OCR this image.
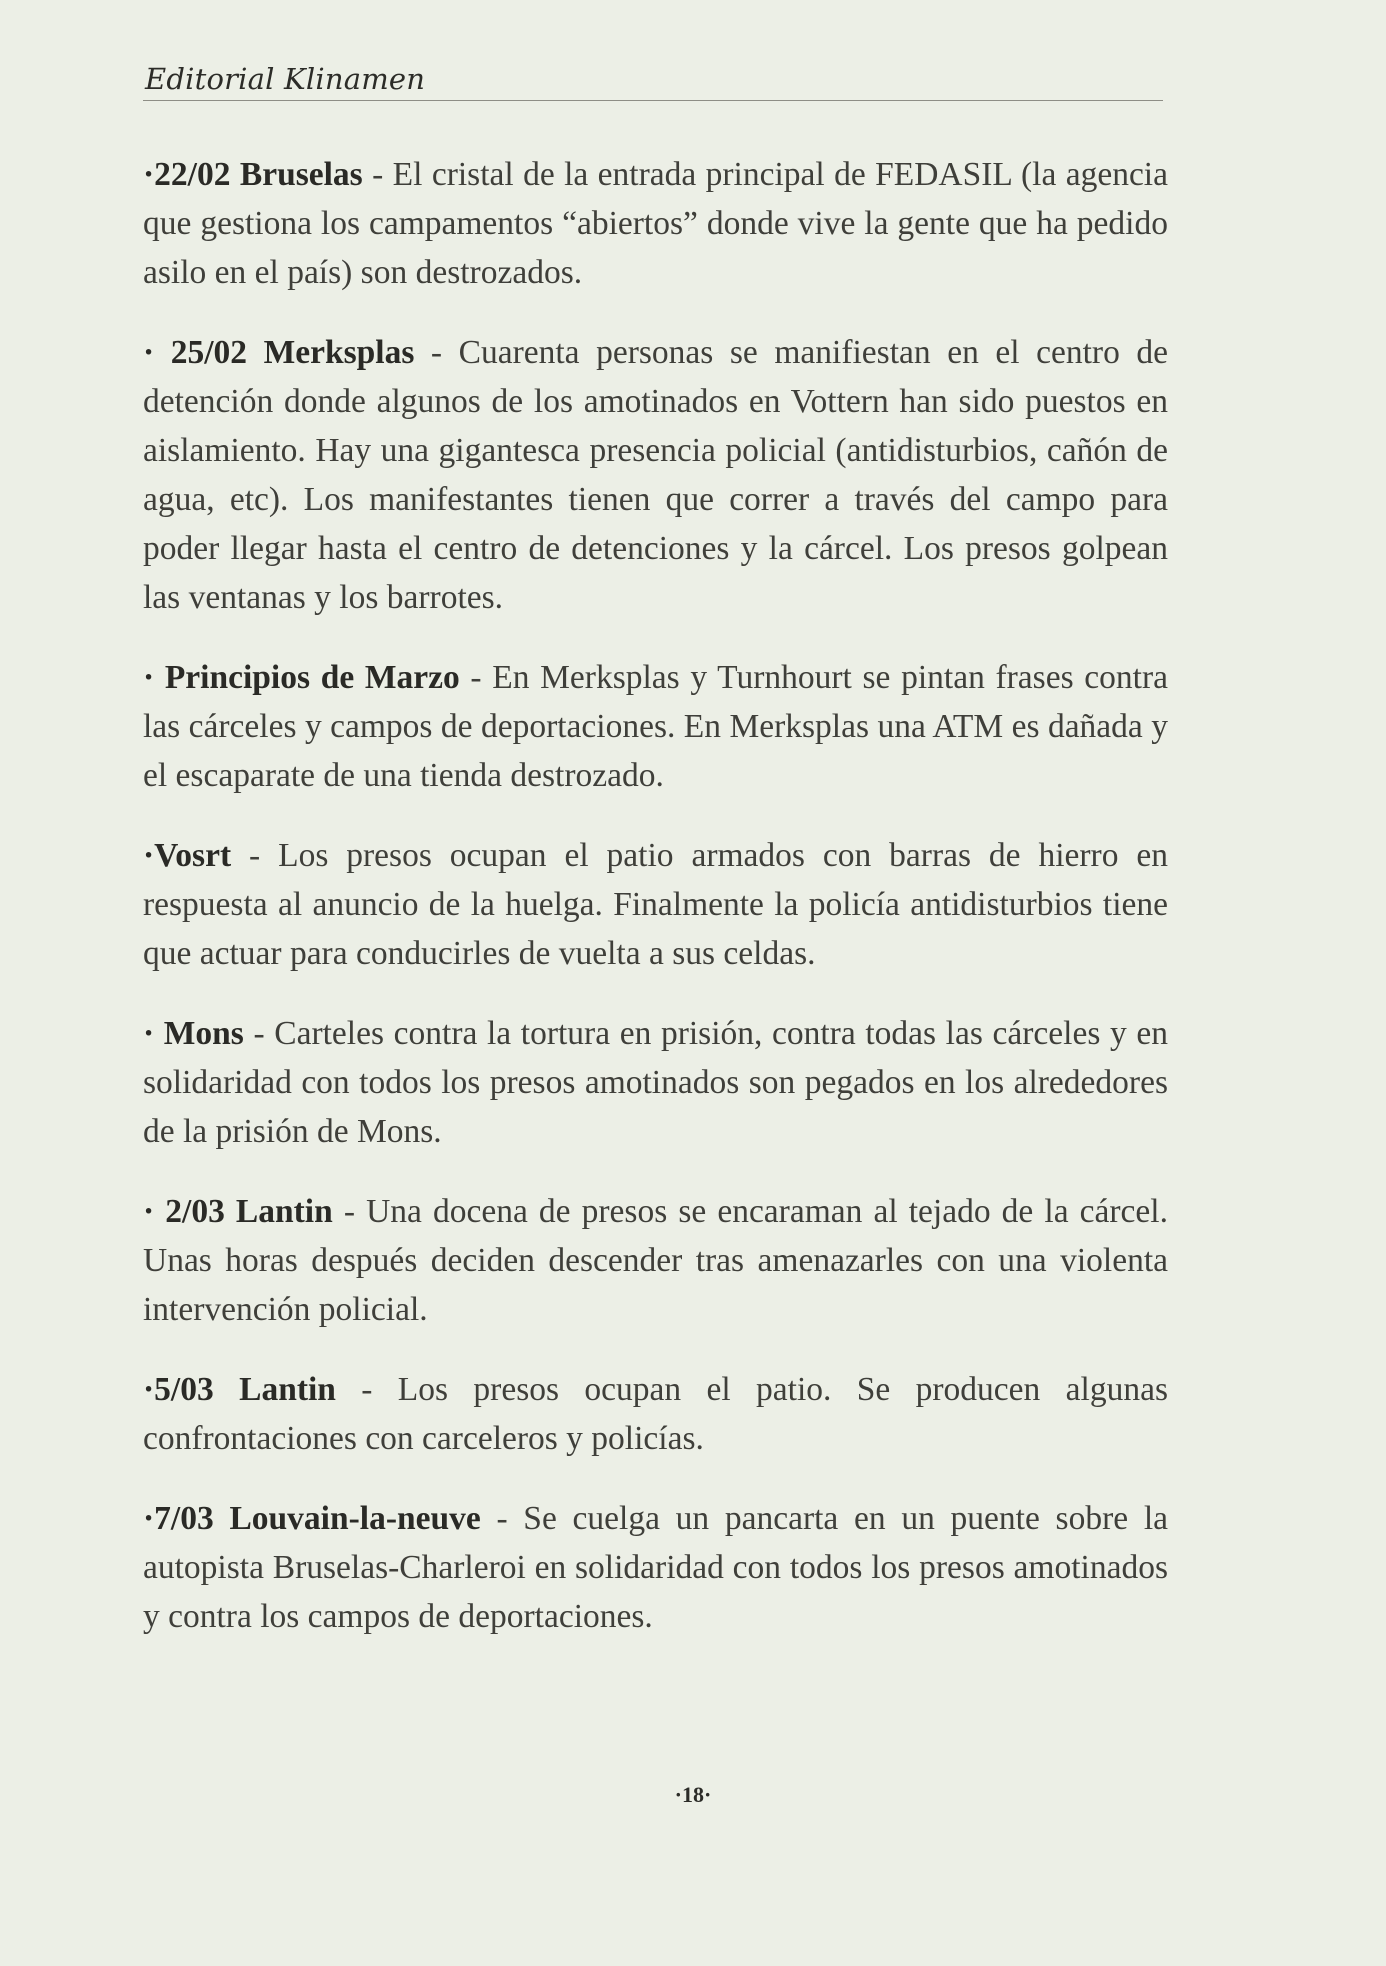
Editorial Klinamen

·22/02 Bruselas - El cristal de la entrada principal de FEDASIL (la agencia que gestiona los campamentos “abiertos” donde vive la gente que ha pedido asilo en el país) son destrozados.

· 25/02 Merksplas - Cuarenta personas se manifiestan en el centro de detención donde algunos de los amotinados en Vottern han sido puestos en aislamiento. Hay una gigantesca presencia policial (antidisturbios, cañón de agua, etc). Los manifestantes tienen que correr a través del campo para poder llegar hasta el centro de detenciones y la cárcel. Los presos golpean las ventanas y los barrotes.

· Principios de Marzo - En Merksplas y Turnhourt se pintan frases contra las cárceles y campos de deportaciones. En Merksplas una ATM es dañada y el escaparate de una tienda destrozado.

·Vosrt - Los presos ocupan el patio armados con barras de hierro en respuesta al anuncio de la huelga. Finalmente la policía antidisturbios tiene que actuar para conducirles de vuelta a sus celdas.

· Mons - Carteles contra la tortura en prisión, contra todas las cárceles y en solidaridad con todos los presos amotinados son pegados en los alrededores de la prisión de Mons.

· 2/03 Lantin - Una docena de presos se encaraman al tejado de la cárcel. Unas horas después deciden descender tras amenazarles con una violenta intervención policial.

·5/03 Lantin - Los presos ocupan el patio. Se producen algunas confrontaciones con carceleros y policías.

·7/03 Louvain-la-neuve - Se cuelga un pancarta en un puente sobre la autopista Bruselas-Charleroi en solidaridad con todos los presos amotinados y contra los campos de deportaciones.

·18·
